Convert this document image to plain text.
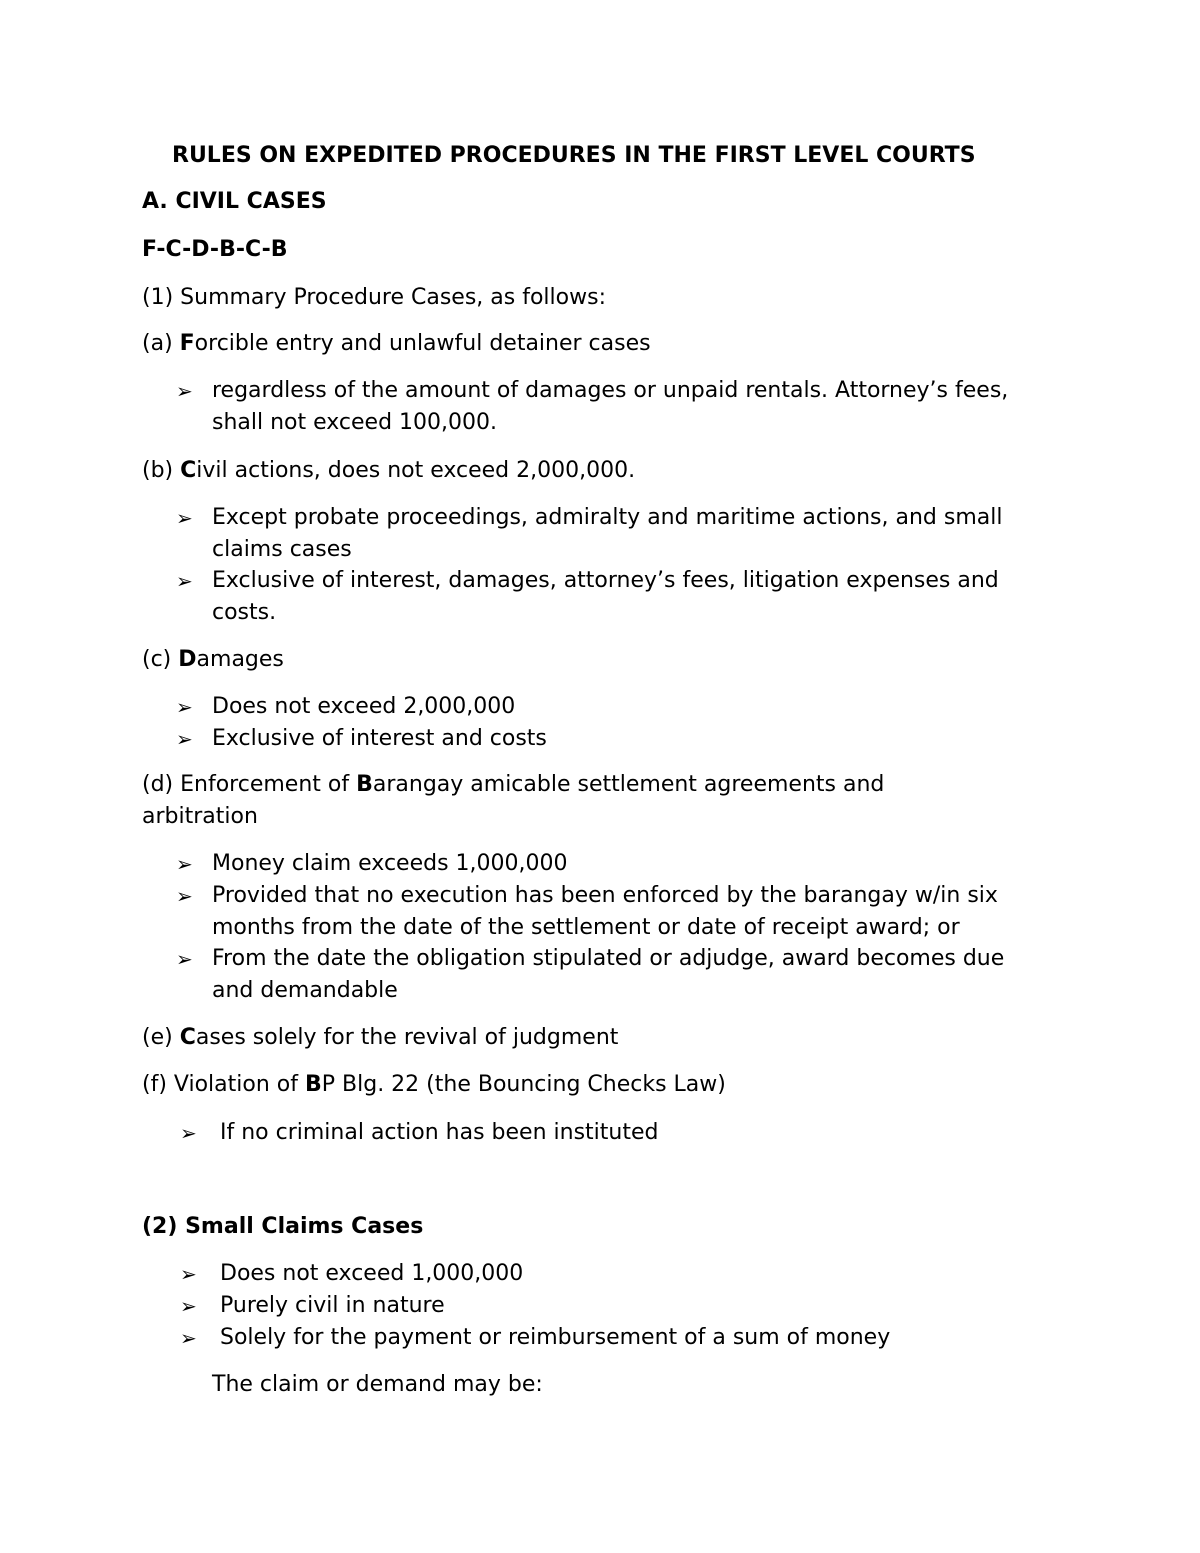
RULES ON EXPEDITED PROCEDURES IN THE FIRST LEVEL COURTS
A. CIVIL CASES
F-C-D-B-C-B
(1) Summary Procedure Cases, as follows:
(a) Forcible entry and unlawful detainer cases
➢ regardless of the amount of damages or unpaid rentals. Attorney’s fees, shall not exceed 100,000.
(b) Civil actions, does not exceed 2,000,000.
➢ Except probate proceedings, admiralty and maritime actions, and small claims cases
➢ Exclusive of interest, damages, attorney’s fees, litigation expenses and costs.
(c) Damages
➢ Does not exceed 2,000,000
➢ Exclusive of interest and costs
(d) Enforcement of Barangay amicable settlement agreements and
arbitration
➢ Money claim exceeds 1,000,000
➢ Provided that no execution has been enforced by the barangay w/in six months from the date of the settlement or date of receipt award; or
➢ From the date the obligation stipulated or adjudge, award becomes due and demandable
(e) Cases solely for the revival of judgment
(f) Violation of BP Blg. 22 (the Bouncing Checks Law)
➢ If no criminal action has been instituted
(2) Small Claims Cases
➢ Does not exceed 1,000,000
➢ Purely civil in nature
➢ Solely for the payment or reimbursement of a sum of money
The claim or demand may be:
